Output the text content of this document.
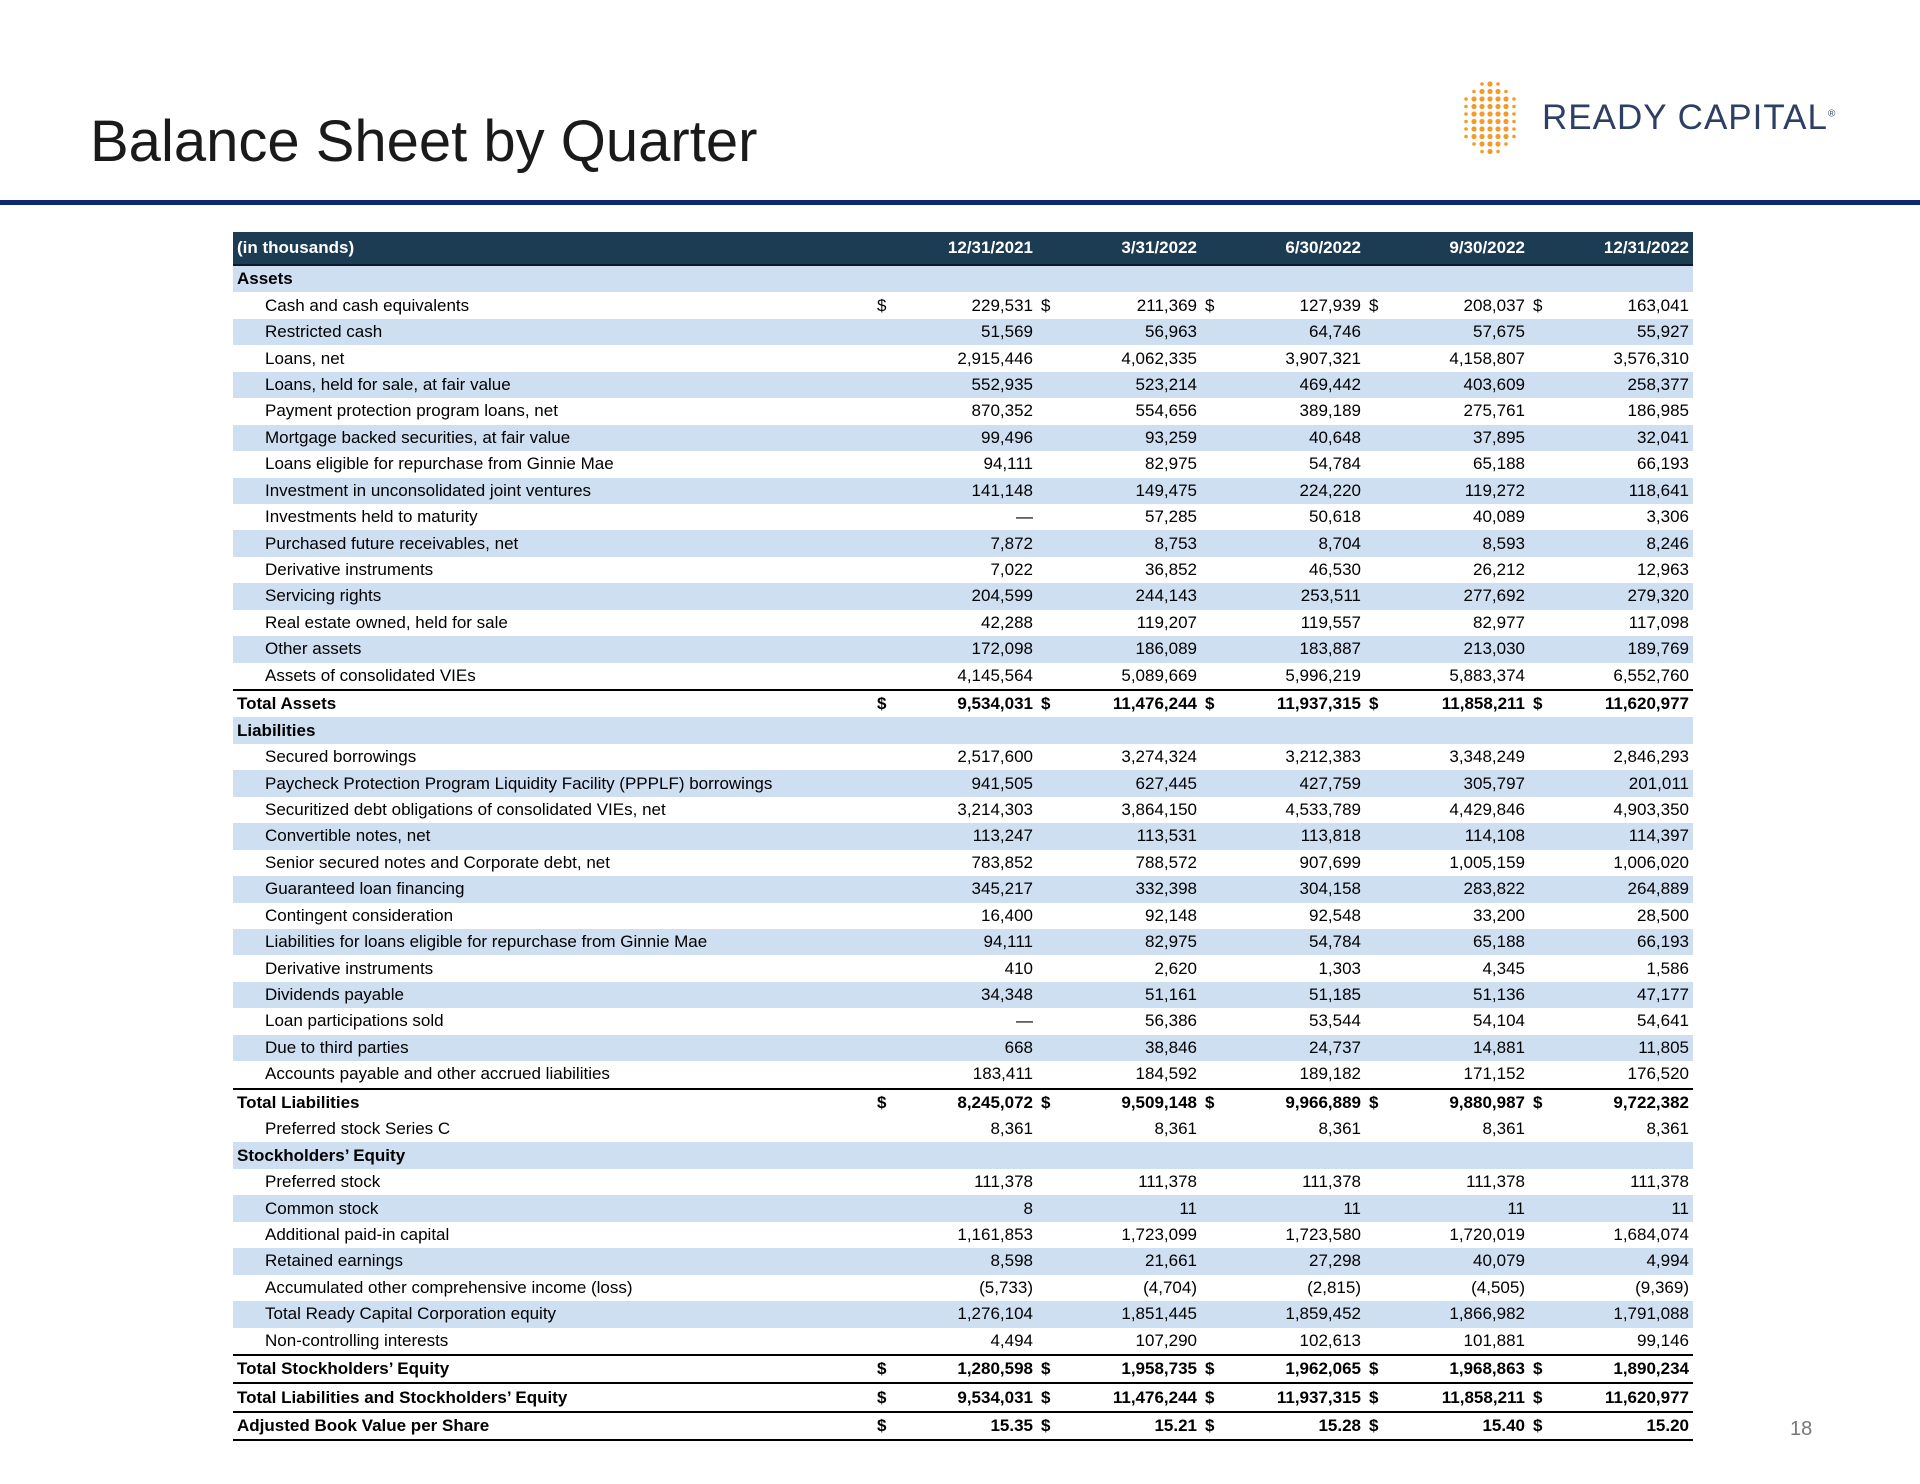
Balance Sheet by Quarter	READY CAPITAL®
(in thousands)		12/31/2021		3/31/2022		6/30/2022		9/30/2022		12/31/2022
Assets										
Cash and cash equivalents	$	229,531	$	211,369	$	127,939	$	208,037	$	163,041
Restricted cash		51,569		56,963		64,746		57,675		55,927
Loans, net		2,915,446		4,062,335		3,907,321		4,158,807		3,576,310
Loans, held for sale, at fair value		552,935		523,214		469,442		403,609		258,377
Payment protection program loans, net		870,352		554,656		389,189		275,761		186,985
Mortgage backed securities, at fair value		99,496		93,259		40,648		37,895		32,041
Loans eligible for repurchase from Ginnie Mae		94,111		82,975		54,784		65,188		66,193
Investment in unconsolidated joint ventures		141,148		149,475		224,220		119,272		118,641
Investments held to maturity		—		57,285		50,618		40,089		3,306
Purchased future receivables, net		7,872		8,753		8,704		8,593		8,246
Derivative instruments		7,022		36,852		46,530		26,212		12,963
Servicing rights		204,599		244,143		253,511		277,692		279,320
Real estate owned, held for sale		42,288		119,207		119,557		82,977		117,098
Other assets		172,098		186,089		183,887		213,030		189,769
Assets of consolidated VIEs		4,145,564		5,089,669		5,996,219		5,883,374		6,552,760
Total Assets	$	9,534,031	$	11,476,244	$	11,937,315	$	11,858,211	$	11,620,977
Liabilities										
Secured borrowings		2,517,600		3,274,324		3,212,383		3,348,249		2,846,293
Paycheck Protection Program Liquidity Facility (PPPLF) borrowings		941,505		627,445		427,759		305,797		201,011
Securitized debt obligations of consolidated VIEs, net		3,214,303		3,864,150		4,533,789		4,429,846		4,903,350
Convertible notes, net		113,247		113,531		113,818		114,108		114,397
Senior secured notes and Corporate debt, net		783,852		788,572		907,699		1,005,159		1,006,020
Guaranteed loan financing		345,217		332,398		304,158		283,822		264,889
Contingent consideration		16,400		92,148		92,548		33,200		28,500
Liabilities for loans eligible for repurchase from Ginnie Mae		94,111		82,975		54,784		65,188		66,193
Derivative instruments		410		2,620		1,303		4,345		1,586
Dividends payable		34,348		51,161		51,185		51,136		47,177
Loan participations sold		—		56,386		53,544		54,104		54,641
Due to third parties		668		38,846		24,737		14,881		11,805
Accounts payable and other accrued liabilities		183,411		184,592		189,182		171,152		176,520
Total Liabilities	$	8,245,072	$	9,509,148	$	9,966,889	$	9,880,987	$	9,722,382
Preferred stock Series C		8,361		8,361		8,361		8,361		8,361
Stockholders’ Equity										
Preferred stock		111,378		111,378		111,378		111,378		111,378
Common stock		8		11		11		11		11
Additional paid-in capital		1,161,853		1,723,099		1,723,580		1,720,019		1,684,074
Retained earnings		8,598		21,661		27,298		40,079		4,994
Accumulated other comprehensive income (loss)		(5,733)		(4,704)		(2,815)		(4,505)		(9,369)
Total Ready Capital Corporation equity		1,276,104		1,851,445		1,859,452		1,866,982		1,791,088
Non-controlling interests		4,494		107,290		102,613		101,881		99,146
Total Stockholders’ Equity	$	1,280,598	$	1,958,735	$	1,962,065	$	1,968,863	$	1,890,234
Total Liabilities and Stockholders’ Equity	$	9,534,031	$	11,476,244	$	11,937,315	$	11,858,211	$	11,620,977
Adjusted Book Value per Share	$	15.35	$	15.21	$	15.28	$	15.40	$	15.20	18
